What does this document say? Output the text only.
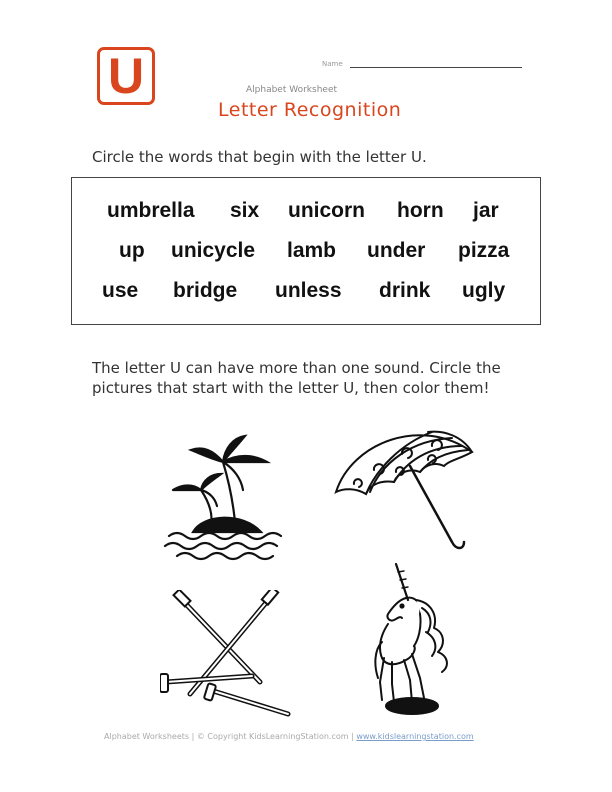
U	Name
Alphabet Worksheet
Letter Recognition
Circle the words that begin with the letter U.
umbrella six unicorn horn jar
up unicycle lamb under pizza
use bridge unless drink ugly
The letter U can have more than one sound. Circle the pictures that start with the letter U, then color them!
Alphabet Worksheets | © Copyright KidsLearningStation.com | www.kidslearningstation.com
